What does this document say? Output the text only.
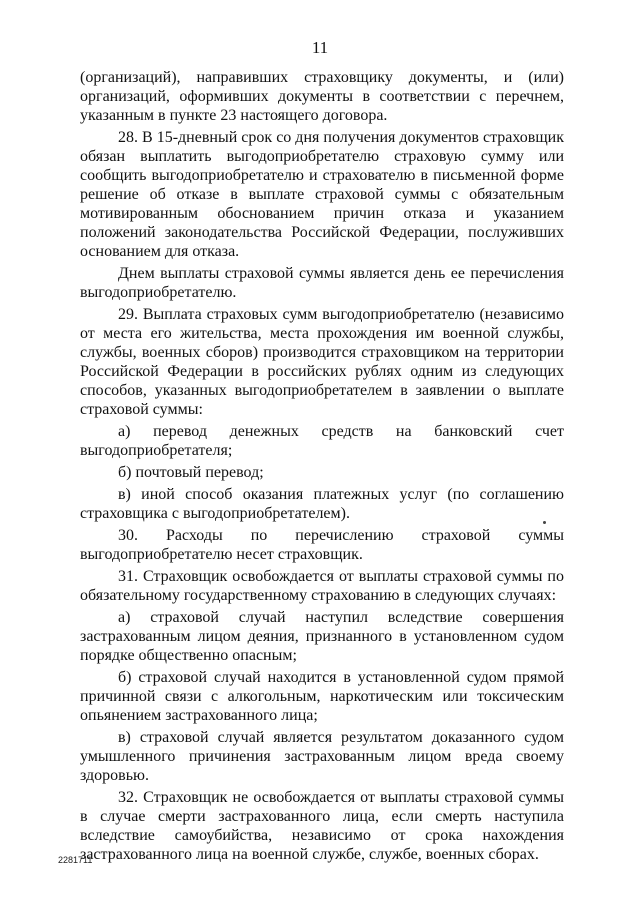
11

(организаций), направивших страховщику документы, и (или) организаций, оформивших документы в соответствии с перечнем, указанным в пункте 23 настоящего договора.

28. В 15-дневный срок со дня получения документов страховщик обязан выплатить выгодоприобретателю страховую сумму или сообщить выгодоприобретателю и страхователю в письменной форме решение об отказе в выплате страховой суммы с обязательным мотивированным обоснованием причин отказа и указанием положений законодательства Российской Федерации, послуживших основанием для отказа.

Днем выплаты страховой суммы является день ее перечисления выгодоприобретателю.

29. Выплата страховых сумм выгодоприобретателю (независимо от места его жительства, места прохождения им военной службы, службы, военных сборов) производится страховщиком на территории Российской Федерации в российских рублях одним из следующих способов, указанных выгодоприобретателем в заявлении о выплате страховой суммы:

а) перевод денежных средств на банковский счет выгодоприобретателя;

б) почтовый перевод;

в) иной способ оказания платежных услуг (по соглашению страховщика с выгодоприобретателем).

30. Расходы по перечислению страховой суммы выгодоприобретателю несет страховщик.

31. Страховщик освобождается от выплаты страховой суммы по обязательному государственному страхованию в следующих случаях:

а) страховой случай наступил вследствие совершения застрахованным лицом деяния, признанного в установленном судом порядке общественно опасным;

б) страховой случай находится в установленной судом прямой причинной связи с алкогольным, наркотическим или токсическим опьянением застрахованного лица;

в) страховой случай является результатом доказанного судом умышленного причинения застрахованным лицом вреда своему здоровью.

32. Страховщик не освобождается от выплаты страховой суммы в случае смерти застрахованного лица, если смерть наступила вследствие самоубийства, независимо от срока нахождения застрахованного лица на военной службе, службе, военных сборах.

2281711
